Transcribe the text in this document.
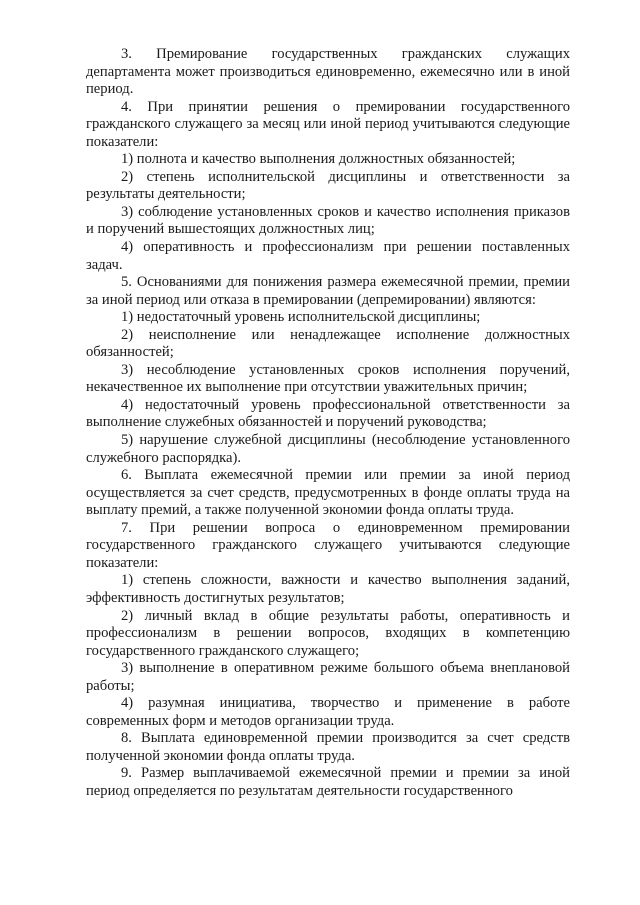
3. Премирование государственных гражданских служащих департамента может производиться единовременно, ежемесячно или в иной период.

4. При принятии решения о премировании государственного гражданского служащего за месяц или иной период учитываются следующие показатели:

1) полнота и качество выполнения должностных обязанностей;

2) степень исполнительской дисциплины и ответственности за результаты деятельности;

3) соблюдение установленных сроков и качество исполнения приказов и поручений вышестоящих должностных лиц;

4) оперативность и профессионализм при решении поставленных задач.

5. Основаниями для понижения размера ежемесячной премии, премии за иной период или отказа в премировании (депремировании) являются:

1) недостаточный уровень исполнительской дисциплины;

2) неисполнение или ненадлежащее исполнение должностных обязанностей;

3) несоблюдение установленных сроков исполнения поручений, некачественное их выполнение при отсутствии уважительных причин;

4) недостаточный уровень профессиональной ответственности за выполнение служебных обязанностей и поручений руководства;

5) нарушение служебной дисциплины (несоблюдение установленного служебного распорядка).

6. Выплата ежемесячной премии или премии за иной период осуществляется за счет средств, предусмотренных в фонде оплаты труда на выплату премий, а также полученной экономии фонда оплаты труда.

7. При решении вопроса о единовременном премировании государственного гражданского служащего учитываются следующие показатели:

1) степень сложности, важности и качество выполнения заданий, эффективность достигнутых результатов;

2) личный вклад в общие результаты работы, оперативность и профессионализм в решении вопросов, входящих в компетенцию государственного гражданского служащего;

3) выполнение в оперативном режиме большого объема внеплановой работы;

4) разумная инициатива, творчество и применение в работе современных форм и методов организации труда.

8. Выплата единовременной премии производится за счет средств полученной экономии фонда оплаты труда.

9. Размер выплачиваемой ежемесячной премии и премии за иной период определяется по результатам деятельности государственного
